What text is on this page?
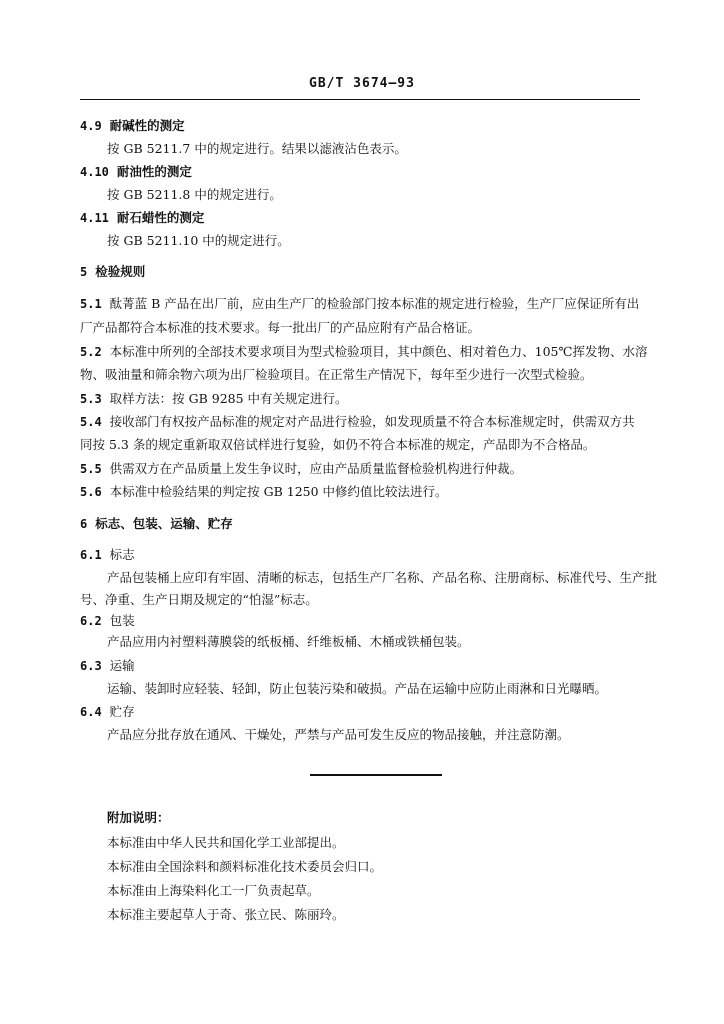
GB/T 3674—93
4.9 耐碱性的测定
按 GB 5211.7 中的规定进行。结果以滤液沾色表示。
4.10 耐油性的测定
按 GB 5211.8 中的规定进行。
4.11 耐石蜡性的测定
按 GB 5211.10 中的规定进行。
5 检验规则
5.1 酞菁蓝 B 产品在出厂前，应由生产厂的检验部门按本标准的规定进行检验，生产厂应保证所有出
厂产品都符合本标准的技术要求。每一批出厂的产品应附有产品合格证。
5.2 本标准中所列的全部技术要求项目为型式检验项目，其中颜色、相对着色力、105℃挥发物、水溶
物、吸油量和筛余物六项为出厂检验项目。在正常生产情况下，每年至少进行一次型式检验。
5.3 取样方法：按 GB 9285 中有关规定进行。
5.4 接收部门有权按产品标准的规定对产品进行检验，如发现质量不符合本标准规定时，供需双方共
同按 5.3 条的规定重新取双倍试样进行复验，如仍不符合本标准的规定，产品即为不合格品。
5.5 供需双方在产品质量上发生争议时，应由产品质量监督检验机构进行仲裁。
5.6 本标准中检验结果的判定按 GB 1250 中修约值比较法进行。
6 标志、包装、运输、贮存
6.1 标志
产品包装桶上应印有牢固、清晰的标志，包括生产厂名称、产品名称、注册商标、标准代号、生产批
号、净重、生产日期及规定的“怕湿”标志。
6.2 包装
产品应用内衬塑料薄膜袋的纸板桶、纤维板桶、木桶或铁桶包装。
6.3 运输
运输、装卸时应轻装、轻卸，防止包装污染和破损。产品在运输中应防止雨淋和日光曝晒。
6.4 贮存
产品应分批存放在通风、干燥处，严禁与产品可发生反应的物品接触，并注意防潮。
附加说明：
本标准由中华人民共和国化学工业部提出。
本标准由全国涂料和颜料标准化技术委员会归口。
本标准由上海染料化工一厂负责起草。
本标准主要起草人于奇、张立民、陈丽玲。
